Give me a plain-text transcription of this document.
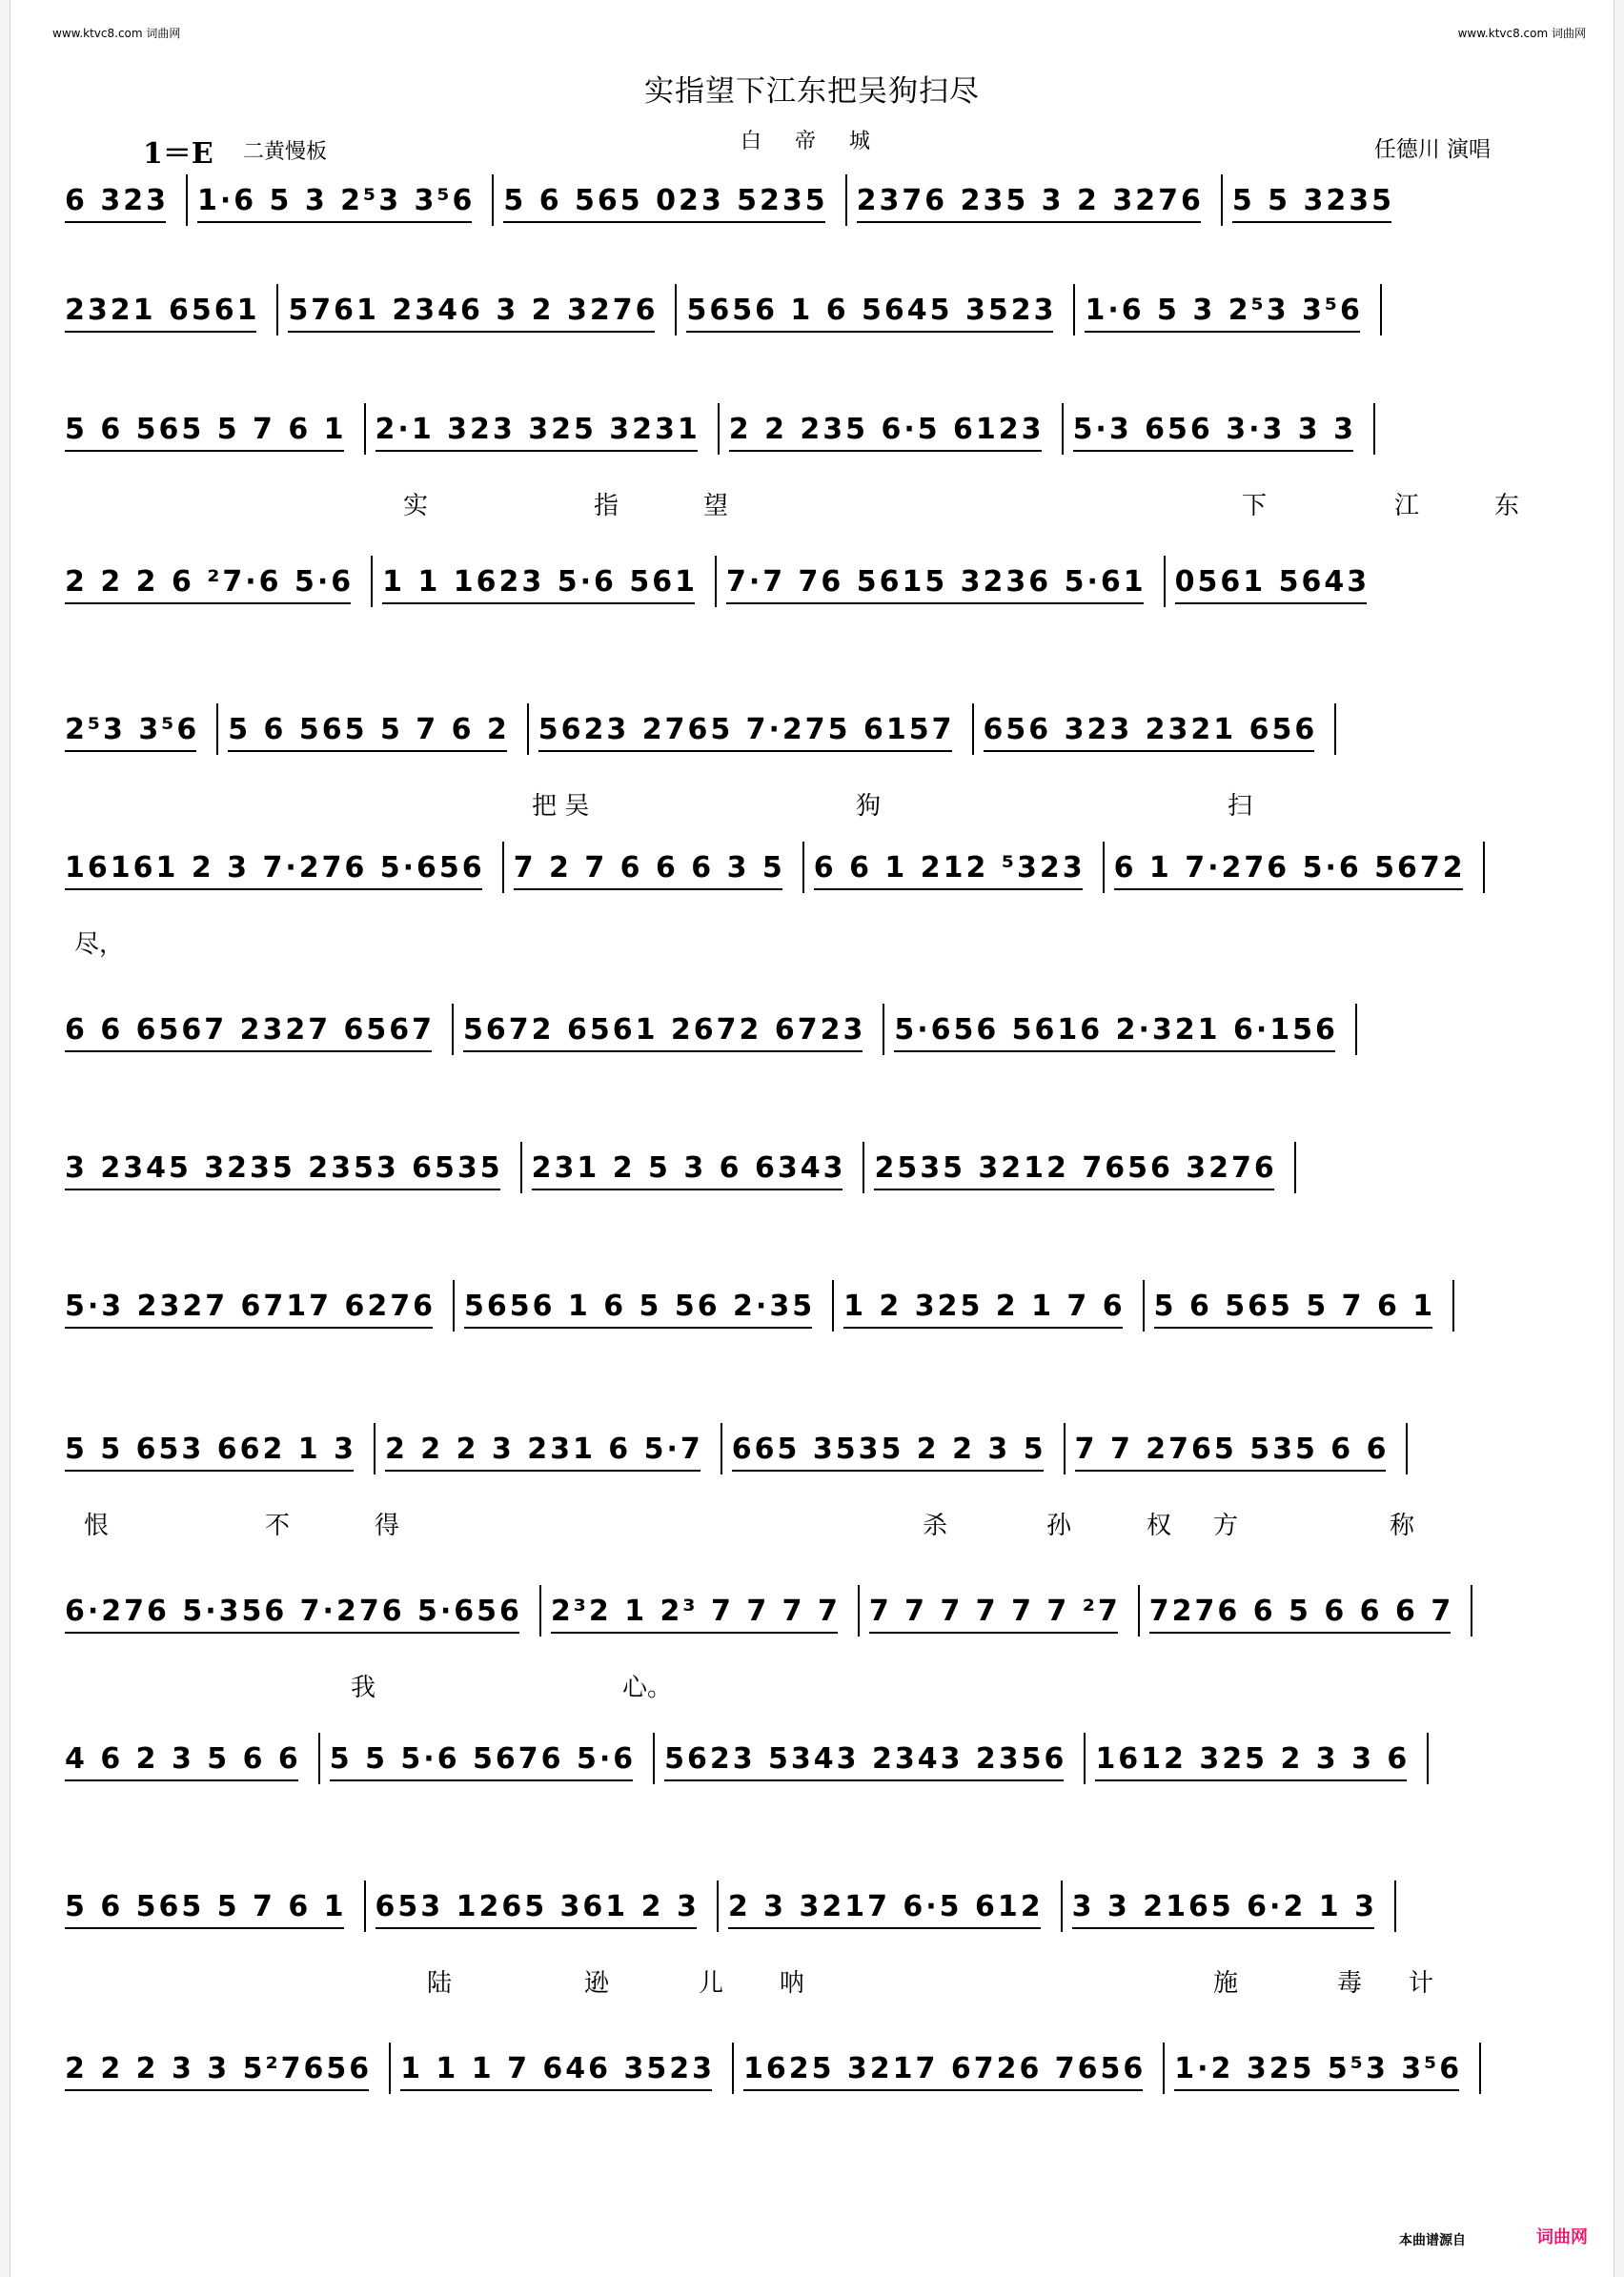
www.ktvc8.com 词曲网	www.ktvc8.com 词曲网
实指望下江东把吴狗扫尽
1＝E 二黄慢板	白 帝 城	任德川 演唱
6 323 1·6 5 3 2⁵3 3⁵6 5 6 565 023 5235 2376 235 3 2 3276 5 5 3235
2321 6561 5761 2346 3 2 3276 5656 1 6 5645 3523 1·6 5 3 2⁵3 3⁵6
5 6 565 5 7 6 1 2·1 323 325 3231 2 2 235 6·5 6123 5·3 656 3·3 3 3
实	指	望	下	江	东
2 2 2 6 ²7·6 5·6 1 1 1623 5·6 561 7·7 76 5615 3236 5·61 0561 5643
2⁵3 3⁵6 5 6 565 5 7 6 2 5623 2765 7·275 6157 656 323 2321 656
把 吴	狗	扫
16161 2 3 7·276 5·656 7 2 7 6 6 6 3 5 6 6 1 212 ⁵323 6 1 7·276 5·6 5672
尽，
6 6 6567 2327 6567 5672 6561 2672 6723 5·656 5616 2·321 6·156
3 2345 3235 2353 6535 231 2 5 3 6 6343 2535 3212 7656 3276
5·3 2327 6717 6276 5656 1 6 5 56 2·35 1 2 325 2 1 7 6 5 6 565 5 7 6 1
5 5 653 662 1 3 2 2 2 3 231 6 5·7 665 3535 2 2 3 5 7 7 2765 535 6 6
恨	不	得	杀	孙	权 方	称
6·276 5·356 7·276 5·656 2³2 1 2³ 7 7 7 7 7 7 7 7 7 7 ²7 7276 6 5 6 6 6 7
我	心。
4 6 2 3 5 6 6 5 5 5·6 5676 5·6 5623 5343 2343 2356 1612 325 2 3 3 6
5 6 565 5 7 6 1 653 1265 361 2 3 2 3 3217 6·5 612 3 3 2165 6·2 1 3
陆	逊	儿 呐	施	毒 计
2 2 2 3 3 5²7656 1 1 1 7 646 3523 1625 3217 6726 7656 1·2 325 5⁵3 3⁵6
本曲谱源自	词曲网
